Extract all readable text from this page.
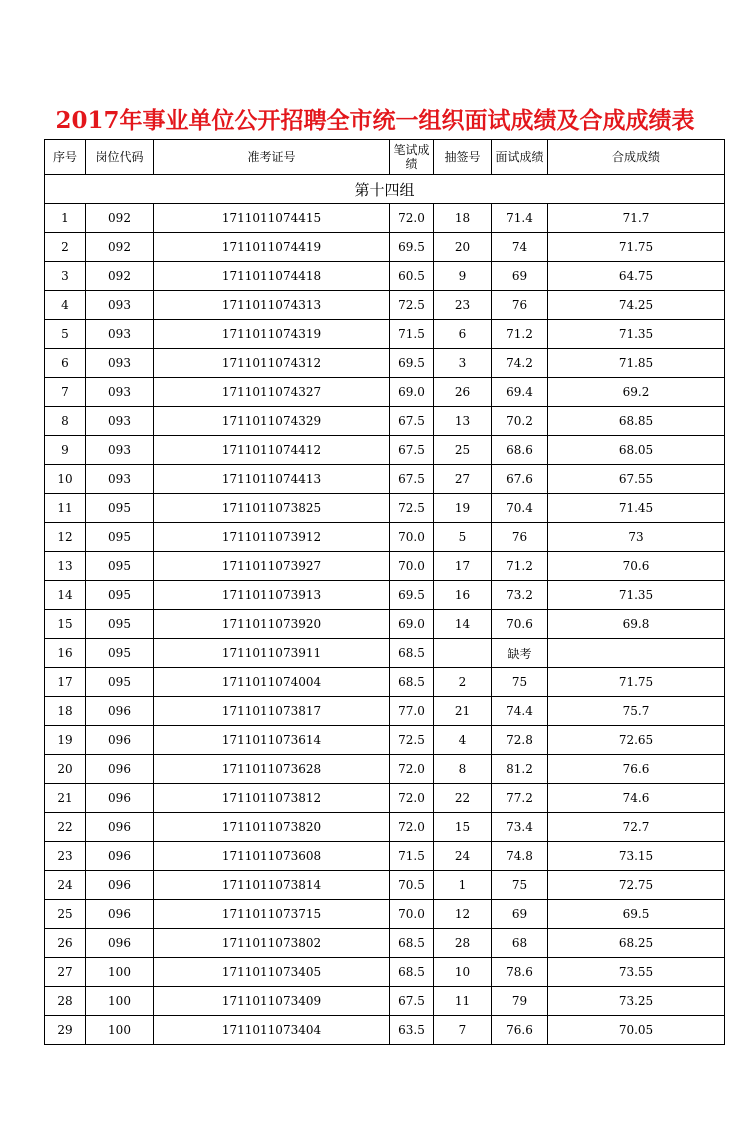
2017年事业单位公开招聘全市统一组织面试成绩及合成成绩表
序号	岗位代码	准考证号	笔试成绩	抽签号	面试成绩	合成成绩
第十四组						
1	092	1711011074415	72.0	18	71.4	71.7
2	092	1711011074419	69.5	20	74	71.75
3	092	1711011074418	60.5	9	69	64.75
4	093	1711011074313	72.5	23	76	74.25
5	093	1711011074319	71.5	6	71.2	71.35
6	093	1711011074312	69.5	3	74.2	71.85
7	093	1711011074327	69.0	26	69.4	69.2
8	093	1711011074329	67.5	13	70.2	68.85
9	093	1711011074412	67.5	25	68.6	68.05
10	093	1711011074413	67.5	27	67.6	67.55
11	095	1711011073825	72.5	19	70.4	71.45
12	095	1711011073912	70.0	5	76	73
13	095	1711011073927	70.0	17	71.2	70.6
14	095	1711011073913	69.5	16	73.2	71.35
15	095	1711011073920	69.0	14	70.6	69.8
16	095	1711011073911	68.5		缺考	
17	095	1711011074004	68.5	2	75	71.75
18	096	1711011073817	77.0	21	74.4	75.7
19	096	1711011073614	72.5	4	72.8	72.65
20	096	1711011073628	72.0	8	81.2	76.6
21	096	1711011073812	72.0	22	77.2	74.6
22	096	1711011073820	72.0	15	73.4	72.7
23	096	1711011073608	71.5	24	74.8	73.15
24	096	1711011073814	70.5	1	75	72.75
25	096	1711011073715	70.0	12	69	69.5
26	096	1711011073802	68.5	28	68	68.25
27	100	1711011073405	68.5	10	78.6	73.55
28	100	1711011073409	67.5	11	79	73.25
29	100	1711011073404	63.5	7	76.6	70.05
